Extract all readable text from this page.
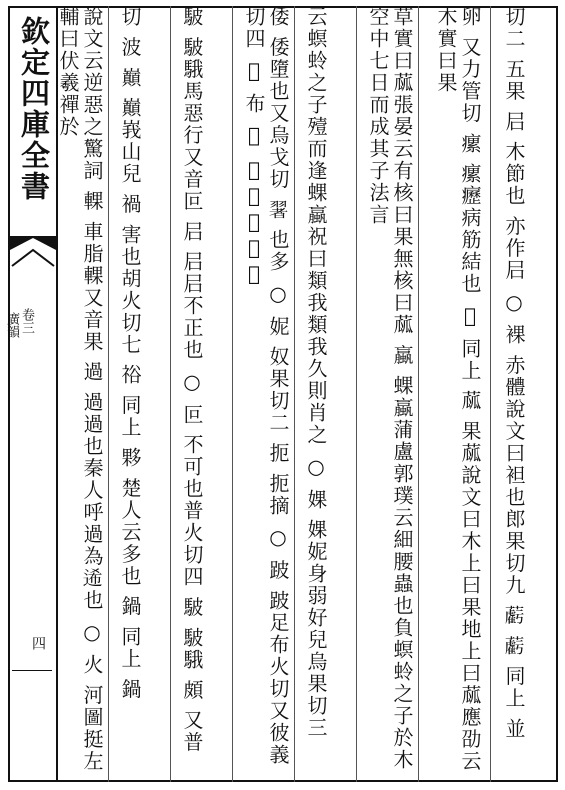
欽定四庫全書
卷三
廣韻
四	切二 五果 𡰪 木節也 亦作𡰪 ○ 裸 赤體說文曰袒也郎果切九 𧃷 𧃷 同上 並
卵 又力管切 瘰 瘰癧病筋結也 𤶇 同上 蓏 果蓏說文曰木上曰果地上曰蓏應劭云木實曰果
草實曰蓏張晏云有核曰果無核曰蓏 蠃 蜾蠃蒲盧郭璞云細腰蟲也負螟蛉之子於木空中七日而成其子法言
云螟蛉之子殪而逢蜾蠃祝曰類我類我久則肖之 ○ 婐 婐妮身弱好兒烏果切三
倭 倭墮也又烏戈切 𦑥 也多 ○ 妮 奴果切二 扼 扼摘 ○ 跛 跛足布火切又彼義切四 𡧸 布 𡧸 𡧸揚又窗切
駊 駊騀馬惡行又音叵 𡰪 𡰪𡰪不正也 ○ 叵 不可也普火切四 駊 駊騀 頗 又普
切 波 巔 巔峩山兒 禍 害也胡火切七 𥙿 同上 夥 楚人云多也 鍋 同上 鍋
說文云逆惡之驚詞 輠 車脂輠又音果 過 過過也秦人呼過為𨓇也 ○ 火 河圖挺左輔曰伏羲禪於
